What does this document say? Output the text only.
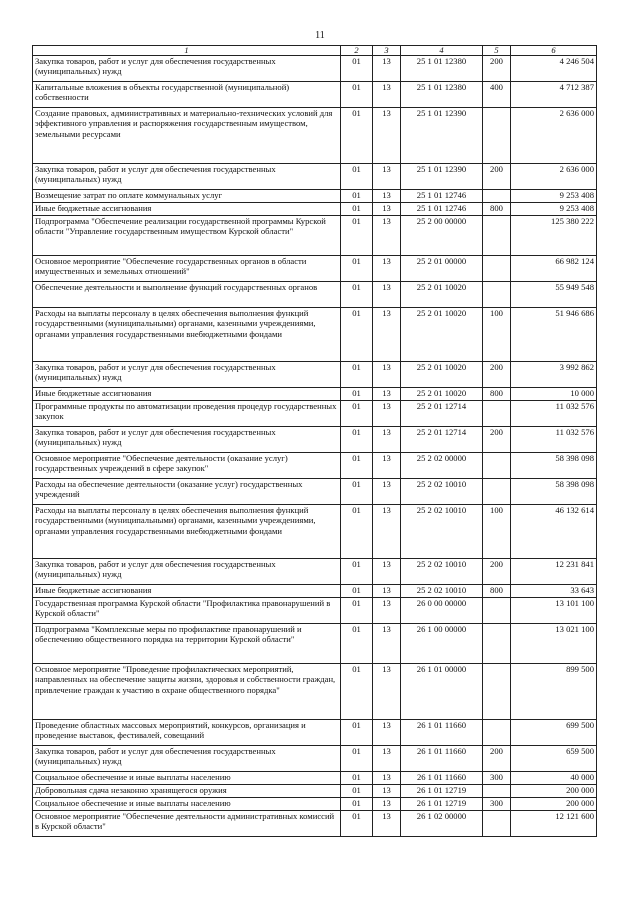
11
1	2	3	4	5	6
Закупка товаров, работ и услуг для обеспечения государственных (муниципальных) нужд	01	13	25 1 01 12380	200	4 246 504
Капитальные вложения в объекты государственной (муниципальной) собственности	01	13	25 1 01 12380	400	4 712 387
Создание правовых, административных и материально-технических условий для эффективного управления и распоряжения государственным имуществом, земельными ресурсами	01	13	25 1 01 12390		2 636 000
Закупка товаров, работ и услуг для обеспечения государственных (муниципальных) нужд	01	13	25 1 01 12390	200	2 636 000
Возмещение затрат по оплате коммунальных услуг	01	13	25 1 01 12746		9 253 408
Иные бюджетные ассигнования	01	13	25 1 01 12746	800	9 253 408
Подпрограмма "Обеспечение реализации государственной программы Курской области "Управление государственным имуществом Курской области"	01	13	25 2 00 00000		125 380 222
Основное мероприятие "Обеспечение государственных органов в области имущественных и земельных отношений"	01	13	25 2 01 00000		66 982 124
Обеспечение деятельности и выполнение функций государственных органов	01	13	25 2 01 10020		55 949 548
Расходы на выплаты персоналу в целях обеспечения выполнения функций государственными (муниципальными) органами, казенными учреждениями, органами управления государственными внебюджетными фондами	01	13	25 2 01 10020	100	51 946 686
Закупка товаров, работ и услуг для обеспечения государственных (муниципальных) нужд	01	13	25 2 01 10020	200	3 992 862
Иные бюджетные ассигнования	01	13	25 2 01 10020	800	10 000
Программные продукты по автоматизации проведения процедур государственных закупок	01	13	25 2 01 12714		11 032 576
Закупка товаров, работ и услуг для обеспечения государственных (муниципальных) нужд	01	13	25 2 01 12714	200	11 032 576
Основное мероприятие "Обеспечение деятельности (оказание услуг) государственных учреждений в сфере закупок"	01	13	25 2 02 00000		58 398 098
Расходы на обеспечение деятельности (оказание услуг) государственных учреждений	01	13	25 2 02 10010		58 398 098
Расходы на выплаты персоналу в целях обеспечения выполнения функций государственными (муниципальными) органами, казенными учреждениями, органами управления государственными внебюджетными фондами	01	13	25 2 02 10010	100	46 132 614
Закупка товаров, работ и услуг для обеспечения государственных (муниципальных) нужд	01	13	25 2 02 10010	200	12 231 841
Иные бюджетные ассигнования	01	13	25 2 02 10010	800	33 643
Государственная программа Курской области "Профилактика правонарушений в Курской области"	01	13	26 0 00 00000		13 101 100
Подпрограмма "Комплексные меры по профилактике правонарушений и обеспечению общественного порядка на территории Курской области"	01	13	26 1 00 00000		13 021 100
Основное мероприятие "Проведение профилактических мероприятий, направленных на обеспечение защиты жизни, здоровья и собственности граждан, привлечение граждан к участию в охране общественного порядка"	01	13	26 1 01 00000		899 500
Проведение областных массовых мероприятий, конкурсов, организация и проведение выставок, фестивалей, совещаний	01	13	26 1 01 11660		699 500
Закупка товаров, работ и услуг для обеспечения государственных (муниципальных) нужд	01	13	26 1 01 11660	200	659 500
Социальное обеспечение и иные выплаты населению	01	13	26 1 01 11660	300	40 000
Добровольная сдача незаконно хранящегося оружия	01	13	26 1 01 12719		200 000
Социальное обеспечение и иные выплаты населению	01	13	26 1 01 12719	300	200 000
Основное мероприятие "Обеспечение деятельности административных комиссий в Курской области"	01	13	26 1 02 00000		12 121 600
